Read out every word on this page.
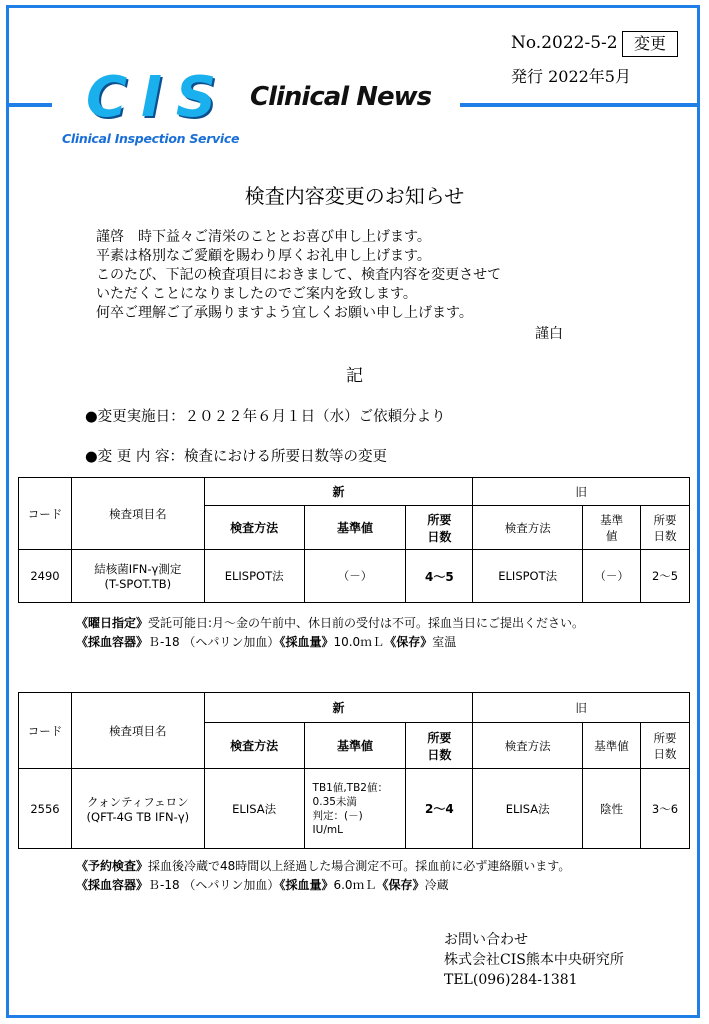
No.2022-5-2	変更
発行 2022年5月
CIS
Clinical Inspection Service
Clinical News
検査内容変更のお知らせ
謹啓　時下益々ご清栄のこととお喜び申し上げます。
平素は格別なご愛顧を賜わり厚くお礼申し上げます。
このたび、下記の検査項目におきまして、検査内容を変更させて
いただくことになりましたのでご案内を致します。
何卒ご理解ご了承賜りますよう宜しくお願い申し上げます。
謹白
記
●変更実施日：２０２２年６月１日（水）ご依頼分より
●変 更 内 容：検査における所要日数等の変更
コード	検査項目名	新			旧		
		検査方法	基準値	所要
日数	検査方法	基準
値	所要
日数
2490	結核菌IFN-γ測定
(T-SPOT.TB)	ELISPOT法	（－）	4～5	ELISPOT法	（－）	2～5
《曜日指定》受託可能日:月～金の午前中、休日前の受付は不可。採血当日にご提出ください。
《採血容器》Ｂ-18 （ヘパリン加血）《採血量》10.0ｍＬ《保存》室温
コード	検査項目名	新			旧		
		検査方法	基準値	所要
日数	検査方法	基準値	所要
日数
2556	クォンティフェロン
(QFT-4G TB IFN-γ)	ELISA法	TB1値,TB2値：
0.35未満
判定：(－)
IU/mL	2～4	ELISA法	陰性	3～6
《予約検査》採血後冷蔵で48時間以上経過した場合測定不可。採血前に必ず連絡願います。
《採血容器》Ｂ-18 （ヘパリン加血）《採血量》6.0ｍＬ《保存》冷蔵
お問い合わせ
株式会社CIS熊本中央研究所
TEL(096)284-1381
